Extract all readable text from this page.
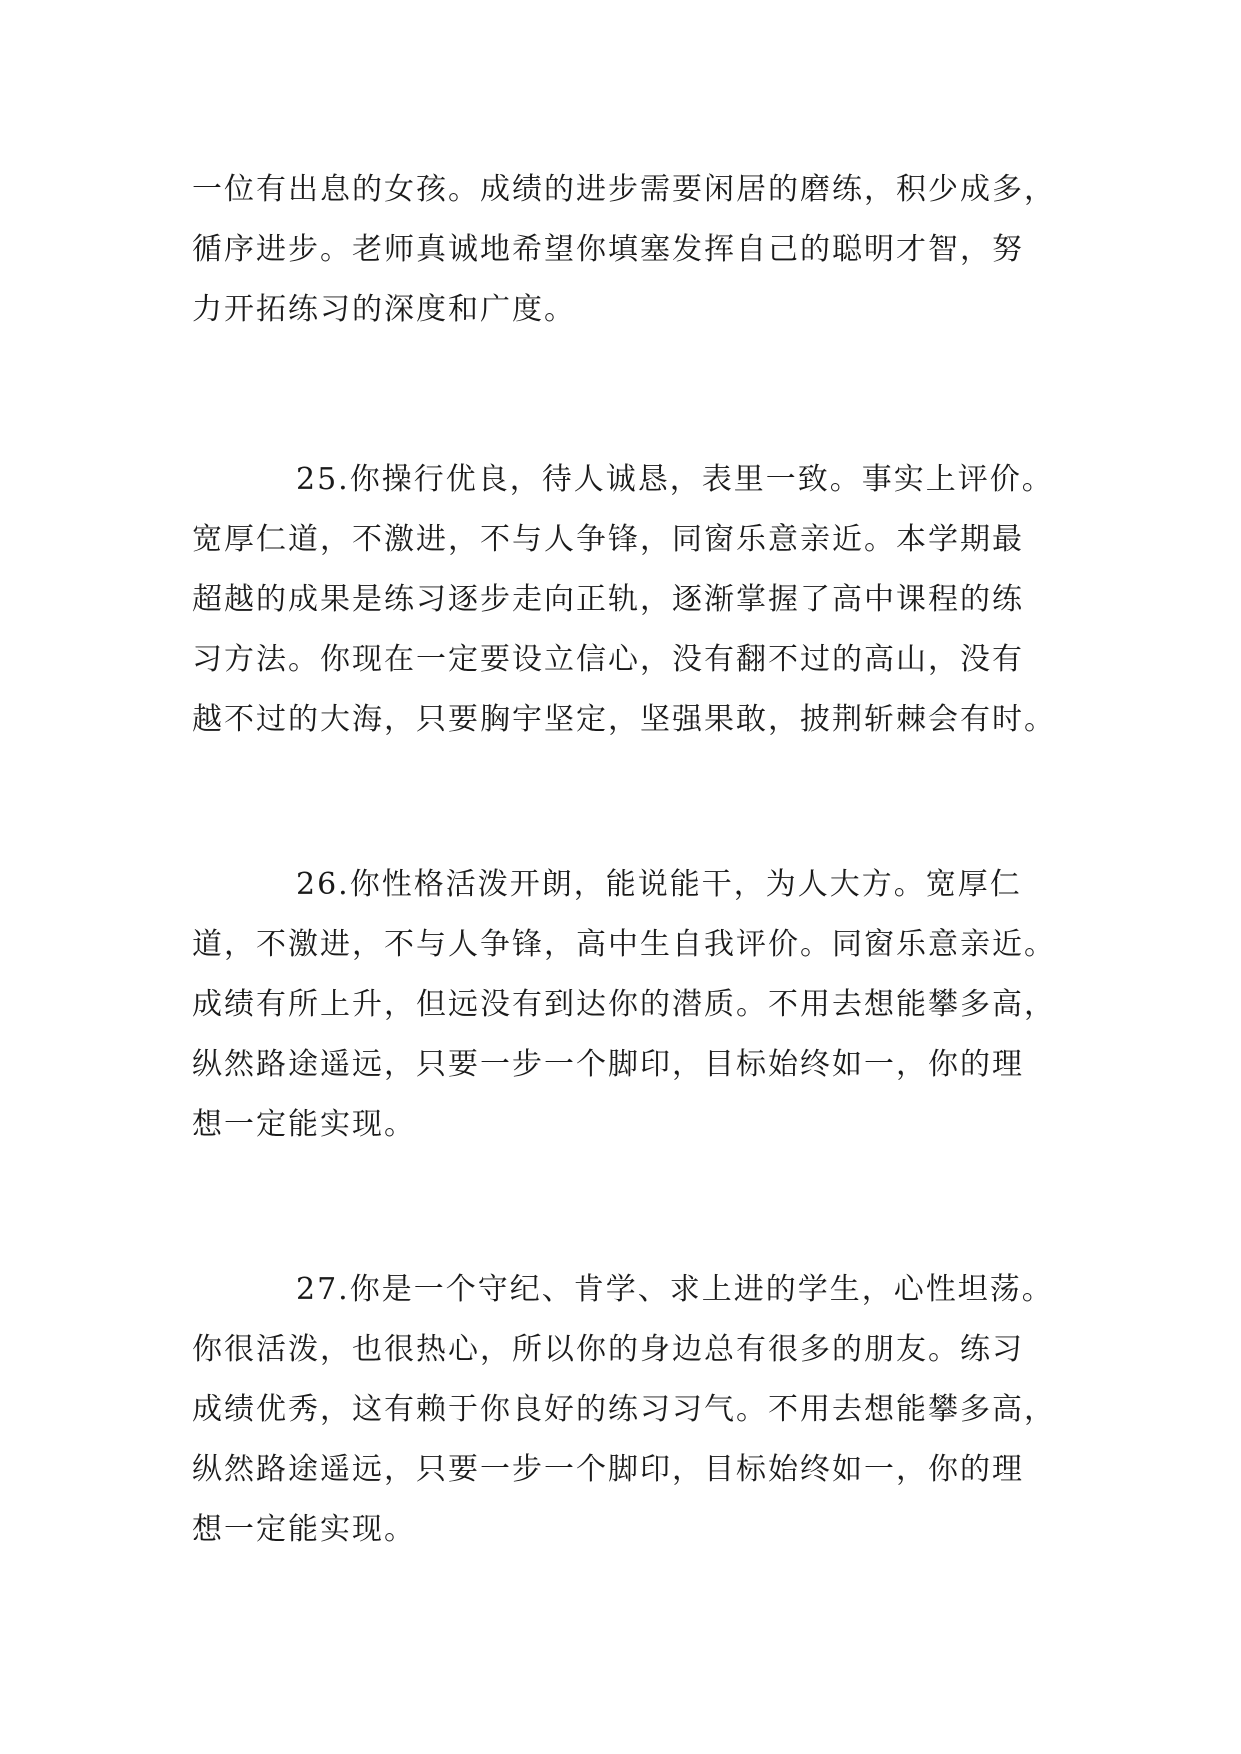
一位有出息的女孩。成绩的进步需要闲居的磨练，积少成多，
循序进步。老师真诚地希望你填塞发挥自己的聪明才智，努
力开拓练习的深度和广度。
25.你操行优良，待人诚恳，表里一致。事实上评价。
宽厚仁道，不激进，不与人争锋，同窗乐意亲近。本学期最
超越的成果是练习逐步走向正轨，逐渐掌握了高中课程的练
习方法。你现在一定要设立信心，没有翻不过的高山，没有
越不过的大海，只要胸宇坚定，坚强果敢，披荆斩棘会有时。
26.你性格活泼开朗，能说能干，为人大方。宽厚仁
道，不激进，不与人争锋，高中生自我评价。同窗乐意亲近。
成绩有所上升，但远没有到达你的潜质。不用去想能攀多高，
纵然路途遥远，只要一步一个脚印，目标始终如一，你的理
想一定能实现。
27.你是一个守纪、肯学、求上进的学生，心性坦荡。
你很活泼，也很热心，所以你的身边总有很多的朋友。练习
成绩优秀，这有赖于你良好的练习习气。不用去想能攀多高，
纵然路途遥远，只要一步一个脚印，目标始终如一，你的理
想一定能实现。
